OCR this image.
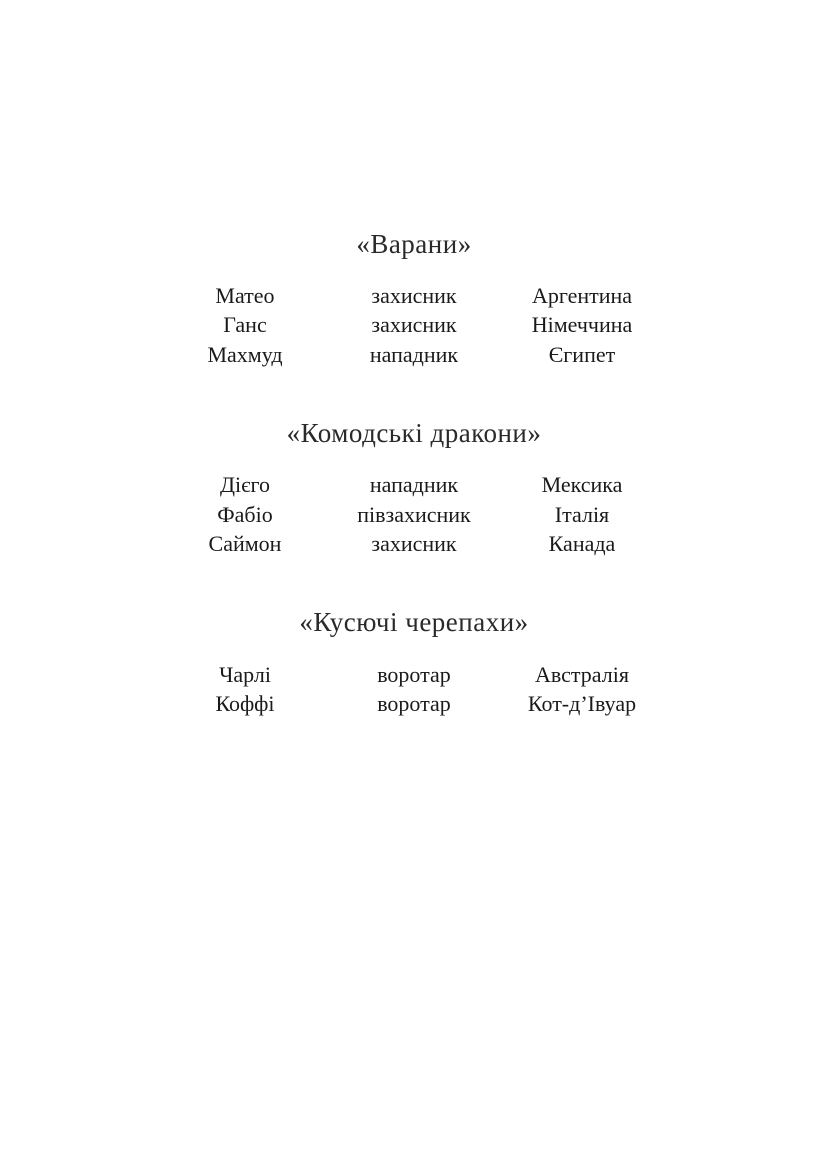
«Варани»
Матео	захисник	Аргентина
Ганс	захисник	Німеччина
Махмуд	нападник	Єгипет
«Комодські дракони»
Дієго	нападник	Мексика
Фабіо	півзахисник	Італія
Саймон	захисник	Канада
«Кусючі черепахи»
Чарлі	воротар	Австралія
Коффі	воротар	Кот-д’Івуар
